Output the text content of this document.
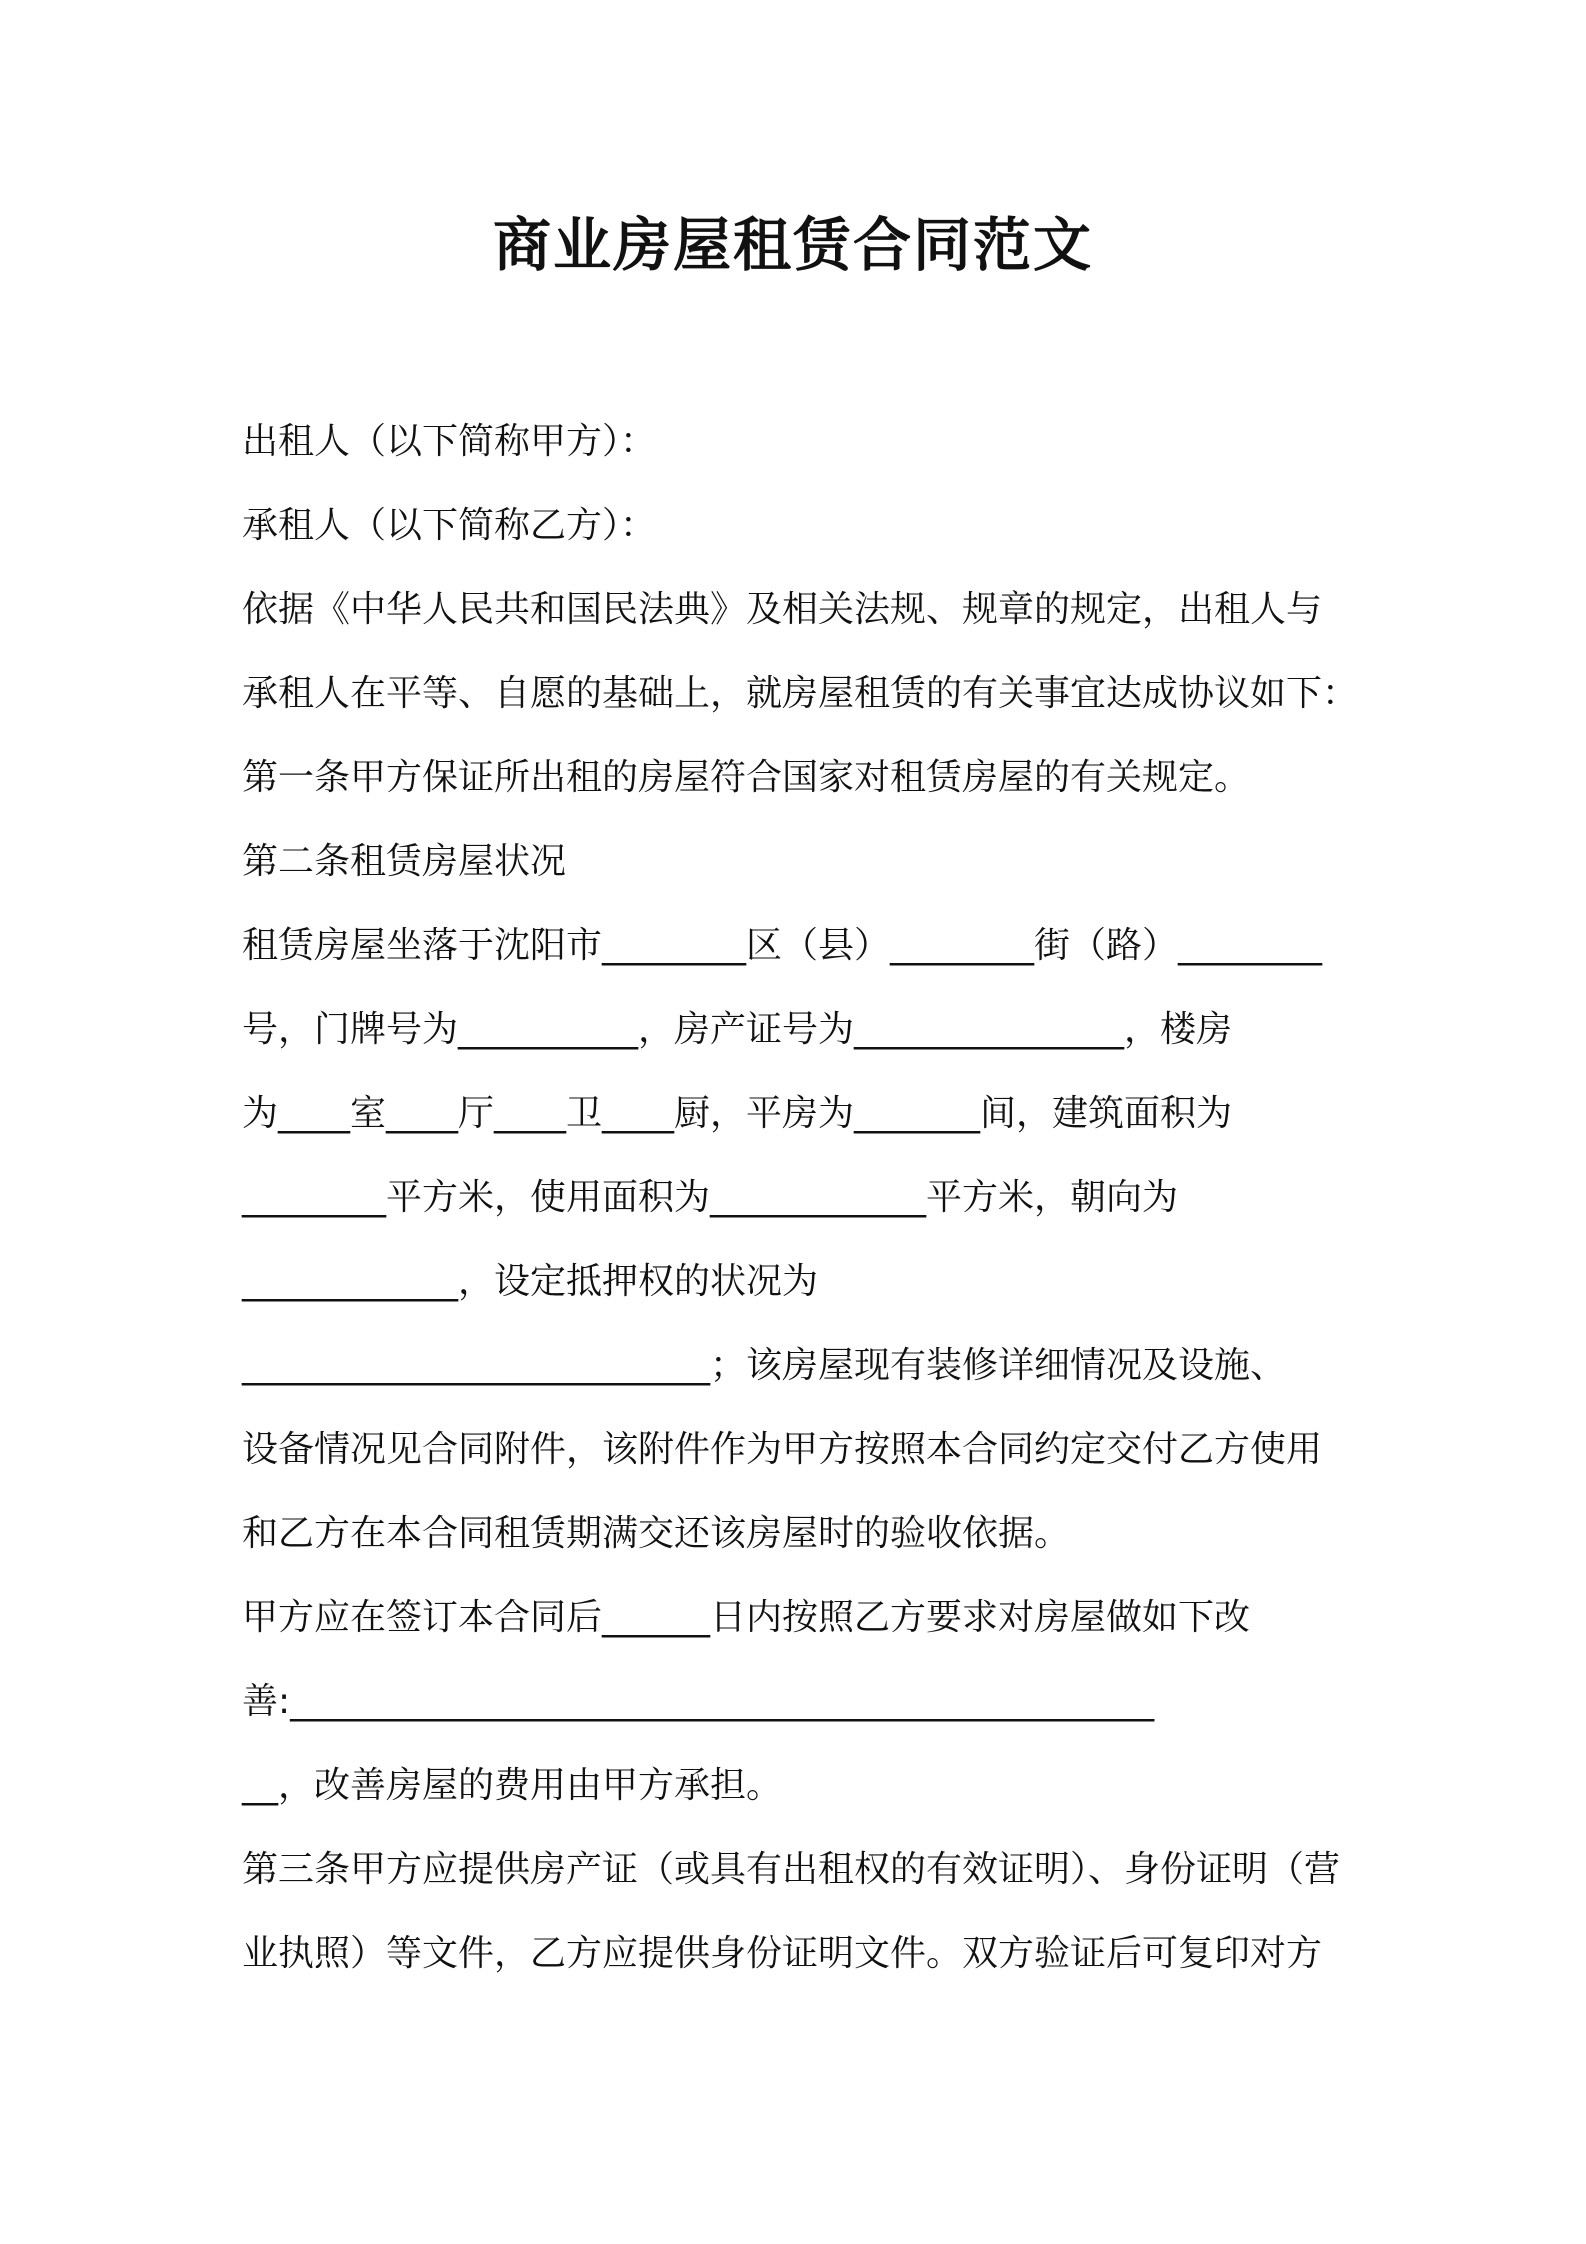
商业房屋租赁合同范文
出租人（以下简称甲方）：
承租人（以下简称乙方）：
依据《中华人民共和国民法典》及相关法规、规章的规定，出租人与
承租人在平等、自愿的基础上，就房屋租赁的有关事宜达成协议如下：
第一条甲方保证所出租的房屋符合国家对租赁房屋的有关规定。
第二条租赁房屋状况
租赁房屋坐落于沈阳市________区（县）________街（路）________
号，门牌号为__________，房产证号为_______________，楼房
为____室____厅____卫____厨，平房为_______间，建筑面积为
________平方米，使用面积为____________平方米，朝向为
____________，设定抵押权的状况为
__________________________；该房屋现有装修详细情况及设施、
设备情况见合同附件，该附件作为甲方按照本合同约定交付乙方使用
和乙方在本合同租赁期满交还该房屋时的验收依据。
甲方应在签订本合同后______日内按照乙方要求对房屋做如下改
善:________________________________________________
__，改善房屋的费用由甲方承担。
第三条甲方应提供房产证（或具有出租权的有效证明）、身份证明（营
业执照）等文件，乙方应提供身份证明文件。双方验证后可复印对方
